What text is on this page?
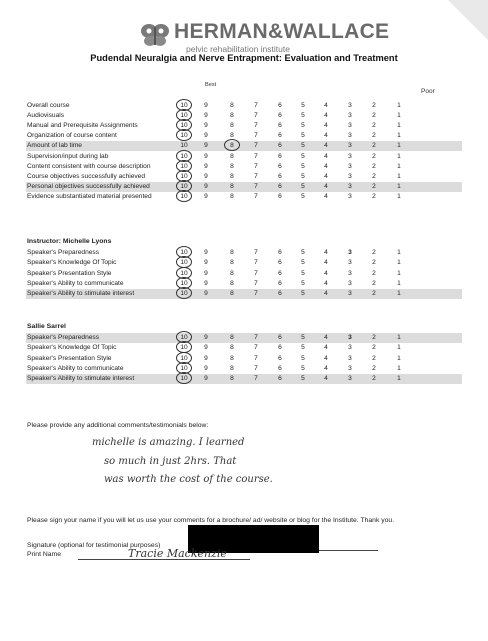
HERMAN&WALLACE
pelvic rehabilitation institute
Pudendal Neuralgia and Nerve Entrapment: Evaluation and Treatment
Best
Poor
Overall course	10	9	8	7	6	5	4	3	2	1
Audiovisuals	10	9	8	7	6	5	4	3	2	1
Manual and Prerequisite Assignments	10	9	8	7	6	5	4	3	2	1
Organization of course content	10	9	8	7	6	5	4	3	2	1
Amount of lab time	10	9	8	7	6	5	4	3	2	1
Supervision/input during lab	10	9	8	7	6	5	4	3	2	1
Content consistent with course description	10	9	8	7	6	5	4	3	2	1
Course objectives successfully achieved	10	9	8	7	6	5	4	3	2	1
Personal objectives successfully achieved	10	9	8	7	6	5	4	3	2	1
Evidence substantiated material presented	10	9	8	7	6	5	4	3	2	1
Instructor: Michelle Lyons
Speaker's Preparedness	10	9	8	7	6	5	4	3	2	1
Speaker's Knowledge Of Topic	10	9	8	7	6	5	4	3	2	1
Speaker's Presentation Style	10	9	8	7	6	5	4	3	2	1
Speaker's Ability to communicate	10	9	8	7	6	5	4	3	2	1
Speaker's Ability to stimulate interest	10	9	8	7	6	5	4	3	2	1
Sallie Sarrel
Speaker's Preparedness	10	9	8	7	6	5	4	3	2	1
Speaker's Knowledge Of Topic	10	9	8	7	6	5	4	3	2	1
Speaker's Presentation Style	10	9	8	7	6	5	4	3	2	1
Speaker's Ability to communicate	10	9	8	7	6	5	4	3	2	1
Speaker's Ability to stimulate interest	10	9	8	7	6	5	4	3	2	1
Please provide any additional comments/testimonials below:
michelle is amazing. I learned
so much in just 2hrs. That
was worth the cost of the course.
Please sign your name if you will let us use your comments for a brochure/ ad/ website or blog for the Institute. Thank you.
Signature (optional for testimonial purposes)
Print Name	Tracie Mackenzie
